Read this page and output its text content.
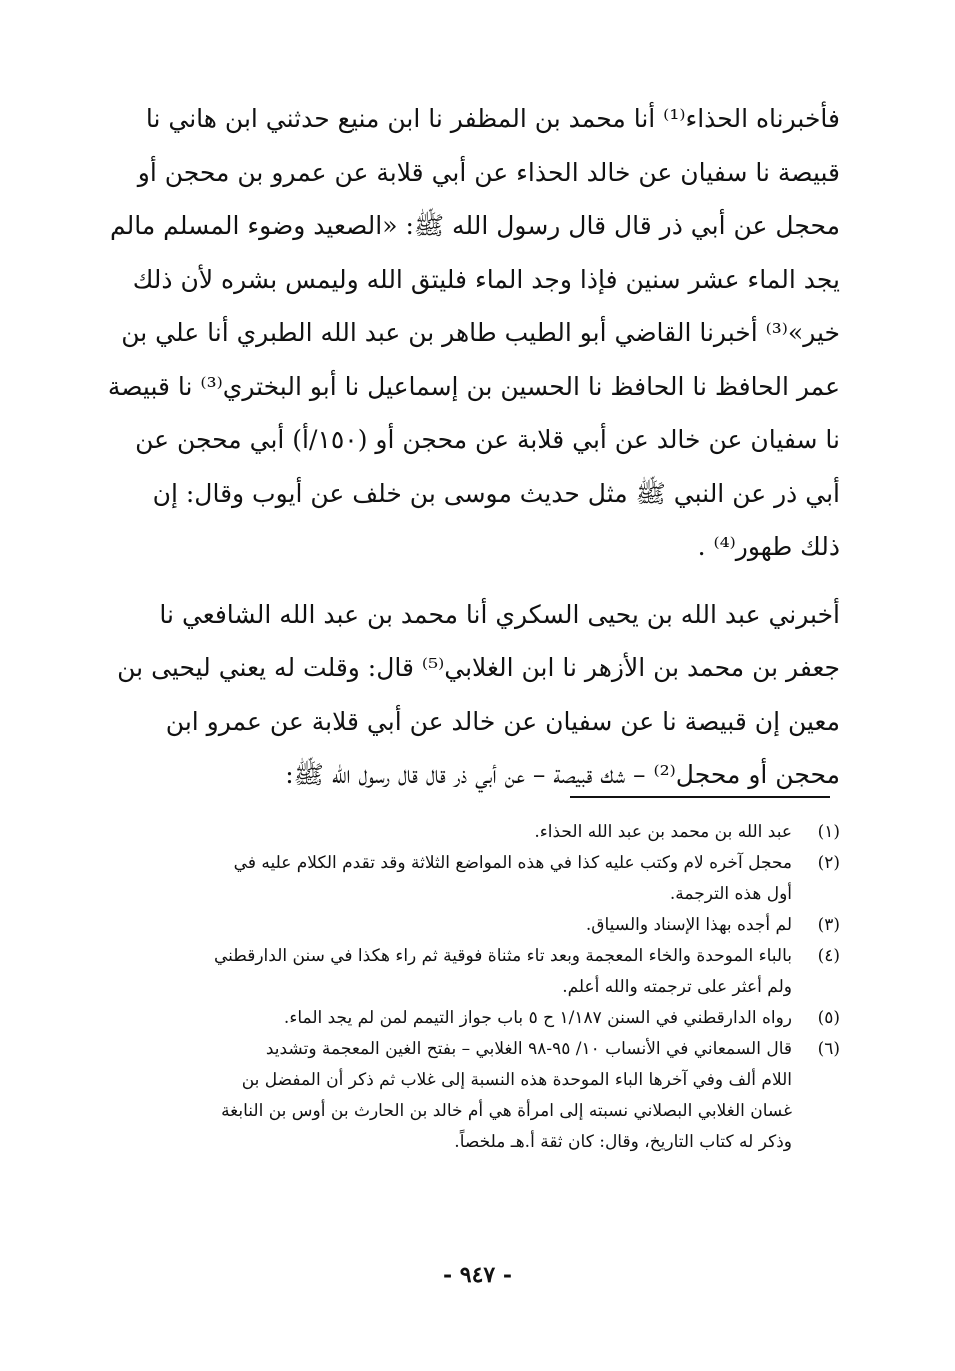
فأخبرناه الحذاء⁽¹⁾ أنا محمد بن المظفر نا ابن منيع حدثني ابن هاني نا
قبيصة نا سفيان عن خالد الحذاء عن أبي قلابة عن عمرو بن محجن أو
محجل عن أبي ذر قال قال رسول الله ﷺ: «الصعيد وضوء المسلم مالم
يجد الماء عشر سنين فإذا وجد الماء فليتق الله وليمس بشره لأن ذلك
خير»⁽³⁾ أخبرنا القاضي أبو الطيب طاهر بن عبد الله الطبري أنا علي بن
عمر الحافظ نا الحافظ نا الحسين بن إسماعيل نا أبو البختري⁽³⁾ نا قبيصة
نا سفيان عن خالد عن أبي قلابة عن محجن أو (١٥٠/أ) أبي محجن عن
أبي ذر عن النبي ﷺ مثل حديث موسى بن خلف عن أيوب وقال: إن
ذلك طهور⁽⁴⁾ .

أخبرني عبد الله بن يحيى السكري أنا محمد بن عبد الله الشافعي نا
جعفر بن محمد بن الأزهر نا ابن الغلابي⁽⁵⁾ قال: وقلت له يعني ليحيى بن
معين إن قبيصة نا عن سفيان عن خالد عن أبي قلابة عن عمرو ابن
محجن أو محجل⁽²⁾ – شك قبيصة – عن أبي ذر قال قال رسول الله ﷺ:

(١)
عبد الله بن محمد بن عبد الله الحذاء.
(٢)
محجل آخره لام وكتب عليه كذا في هذه المواضع الثلاثة وقد تقدم الكلام عليه في
أول هذه الترجمة.
(٣)
لم أجده بهذا الإسناد والسياق.
(٤)
بالباء الموحدة والخاء المعجمة وبعد تاء مثناة فوقية ثم راء هكذا في سنن الدارقطني
ولم أعثر على ترجمته والله أعلم.
(٥)
رواه الدارقطني في السنن ١/١٨٧ ح ٥ باب جواز التيمم لمن لم يجد الماء.
(٦)
قال السمعاني في الأنساب ١٠/ ٩٥-٩٨ الغلابي – بفتح الغين المعجمة وتشديد
اللام ألف وفي آخرها الباء الموحدة هذه النسبة إلى غلاب ثم ذكر أن المفضل بن
غسان الغلابي البصلاني نسبته إلى امرأة هي أم خالد بن الحارث بن أوس بن النابغة
وذكر له كتاب التاريخ، وقال: كان ثقة أ.هـ ملخصاً.
- ٩٤٧ -
